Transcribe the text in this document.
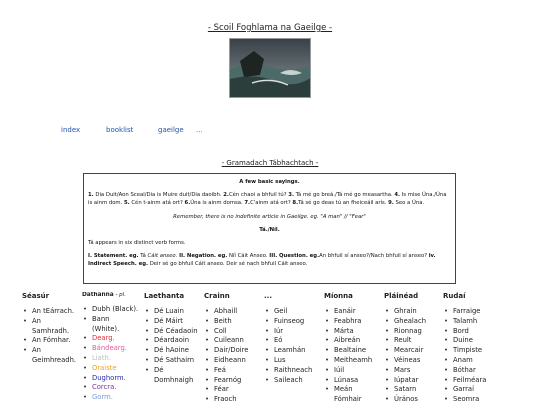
- Scoil Foghlama na Gaeilge -
index	booklist	gaeilge ...
- Gramadach Tábhachtach -
A few basic sayings.
1. Dia Duit/Aon Sceal/Dia is Muire duit/Dia daoibh. 2.Cén chaoi a bhfuil tú? 3. Tá mé go breá./Tá mé go measartha. 4. Is mise Úna./Úna is ainm dom. 5. Cén t-ainm atá ort? 6.Úna is ainm domsa. 7.C'ainm atá ort? 8.Tá sé go deas tú an fheiceáil arís. 9. Seo a Úna.
Remember, there is no indefinite article in Gaeilge. eg. "A man" // "Fear"
Tá./Níl.
Tá appears in six distinct verb forms.
I. Statement. eg. Tá Cáit anseo. II. Negation. eg. Níl Cáit Anseo. III. Question. eg.An bhfuil sí anseo?/Nach bhfuil sí anseo? iv. Indirect Speech. eg. Deir sé go bhfuil Cáit anseo. Deir sé nach bhfuil Cáit anseo.
Séasúr
• An tEárrach.
• An
Samhradh.
• An Fómhar.
• An
Geimhreadh.
Dathanna - pl.
• Dubh (Black).
• Bann
(White).
• Dearg.
• Bándearg.
• Liath.
• Oraiste
• Dughorm.
• Corcra.
• Gorm.
Laethanta
• Dé Luain
• Dé Máirt
• Dé Céadaoin
• Déardaoin
• Dé hAoine
• Dé Sathairn
• Dé
Domhnaigh
Crainn
• Abhaill
• Beith
• Coll
• Cuileann
• Dair/Doire
• Eidheann
• Feá
• Fearnóg
• Féar
• Fraoch
...
• Geil
• Fuinseog
• Iúr
• Eó
• Leamhán
• Lus
• Raithneach
• Saileach
Míonna
• Eanáir
• Feabhra
• Márta
• Aibreán
• Bealtaine
• Meitheamh
• Iúil
• Lúnasa
• Meán
Fómhair
Pláinéad
• Ghrain
• Ghealach
• Rionnag
• Reult
• Mearcair
• Véineas
• Mars
• Iúpatar
• Satarn
• Úrános
Rudaí
• Farraige
• Talamh
• Bord
• Duine
• Timpiste
• Anam
• Bóthar
• Feilméara
• Garraí
• Seomra
